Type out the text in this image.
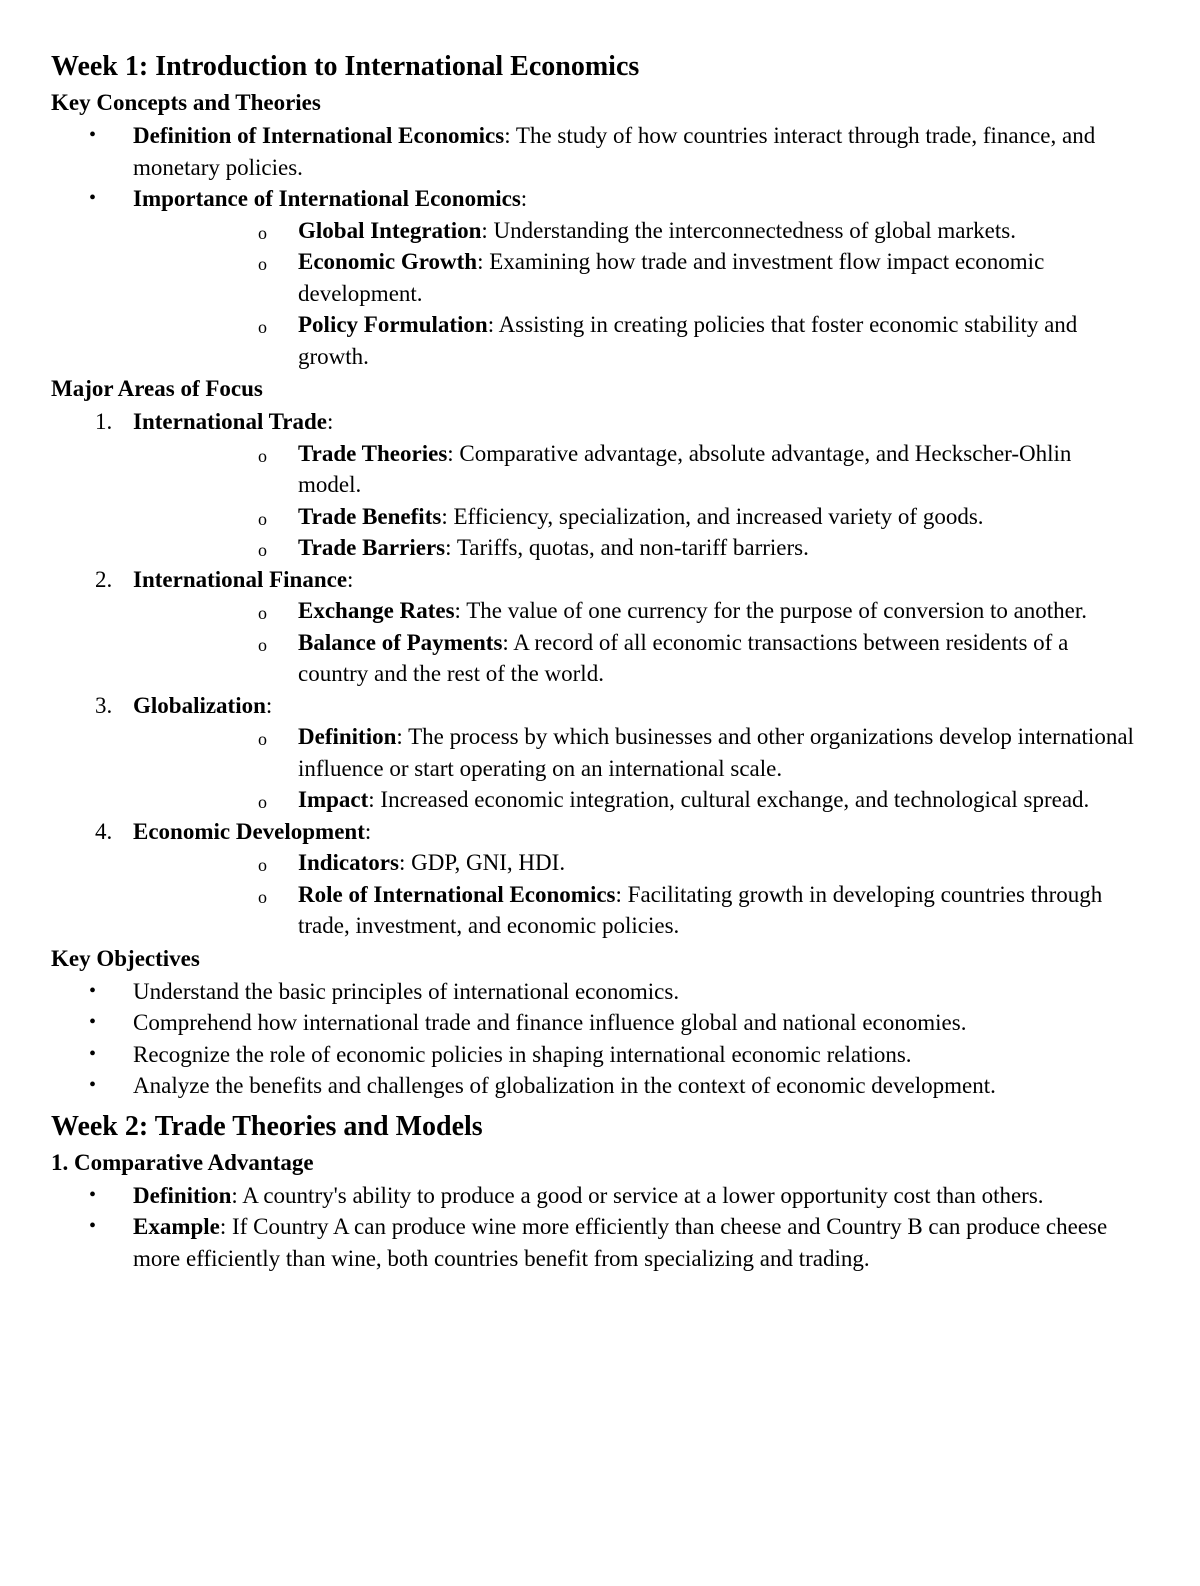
Week 1: Introduction to International Economics
Key Concepts and Theories
• Definition of International Economics: The study of how countries interact through trade, finance, and monetary policies.
• Importance of International Economics:
o Global Integration: Understanding the interconnectedness of global markets.
o Economic Growth: Examining how trade and investment flow impact economic development.
o Policy Formulation: Assisting in creating policies that foster economic stability and growth.
Major Areas of Focus
1. International Trade:
o Trade Theories: Comparative advantage, absolute advantage, and Heckscher-Ohlin model.
o Trade Benefits: Efficiency, specialization, and increased variety of goods.
o Trade Barriers: Tariffs, quotas, and non-tariff barriers.
2. International Finance:
o Exchange Rates: The value of one currency for the purpose of conversion to another.
o Balance of Payments: A record of all economic transactions between residents of a country and the rest of the world.
3. Globalization:
o Definition: The process by which businesses and other organizations develop international influence or start operating on an international scale.
o Impact: Increased economic integration, cultural exchange, and technological spread.
4. Economic Development:
o Indicators: GDP, GNI, HDI.
o Role of International Economics: Facilitating growth in developing countries through trade, investment, and economic policies.
Key Objectives
• Understand the basic principles of international economics.
• Comprehend how international trade and finance influence global and national economies.
• Recognize the role of economic policies in shaping international economic relations.
• Analyze the benefits and challenges of globalization in the context of economic development.
Week 2: Trade Theories and Models
1. Comparative Advantage
• Definition: A country's ability to produce a good or service at a lower opportunity cost than others.
• Example: If Country A can produce wine more efficiently than cheese and Country B can produce cheese more efficiently than wine, both countries benefit from specializing and trading.
